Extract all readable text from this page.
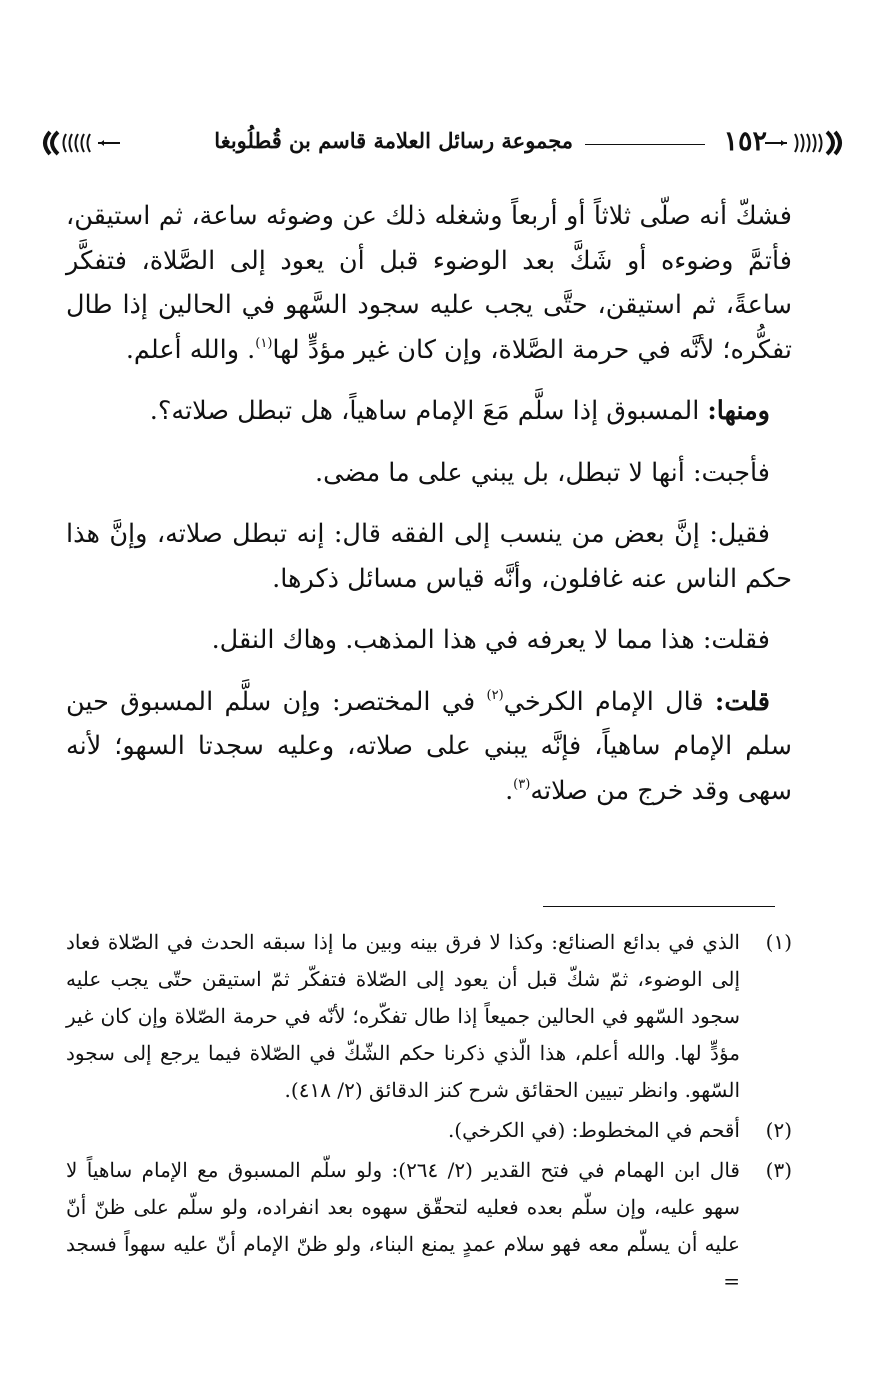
١٥٢
مجموعة رسائل العلامة قاسم بن قُطلُوبغا

فشكّ أنه صلّى ثلاثاً أو أربعاً وشغله ذلك عن وضوئه ساعة، ثم استيقن، فأتمَّ وضوءه أو شَكَّ بعد الوضوء قبل أن يعود إلى الصَّلاة، فتفكَّر ساعةً، ثم استيقن، حتَّى يجب عليه سجود السَّهو في الحالين إذا طال تفكُّره؛ لأنَّه في حرمة الصَّلاة، وإن كان غير مؤدٍّ لها$^{(١)}$. والله أعلم.

ومنها: المسبوق إذا سلَّم مَعَ الإمام ساهياً، هل تبطل صلاته؟.

فأجبت: أنها لا تبطل، بل يبني على ما مضى.

فقيل: إنَّ بعض من ينسب إلى الفقه قال: إنه تبطل صلاته، وإنَّ هذا حكم الناس عنه غافلون، وأنَّه قياس مسائل ذكرها.

فقلت: هذا مما لا يعرفه في هذا المذهب. وهاك النقل.

قلت: قال الإمام الكرخي$^{(٢)}$ في المختصر: وإن سلَّم المسبوق حين سلم الإمام ساهياً، فإنَّه يبني على صلاته، وعليه سجدتا السهو؛ لأنه سهى وقد خرج من صلاته$^{(٣)}$.

(١)
الذي في بدائع الصنائع: وكذا لا فرق بينه وبين ما إذا سبقه الحدث في الصّلاة فعاد إلى الوضوء، ثمّ شكّ قبل أن يعود إلى الصّلاة فتفكّر ثمّ استيقن حتّى يجب عليه سجود السّهو في الحالين جميعاً إذا طال تفكّره؛ لأنّه في حرمة الصّلاة وإن كان غير مؤدٍّ لها. والله أعلم، هذا الّذي ذكرنا حكم الشّكّ في الصّلاة فيما يرجع إلى سجود السّهو. وانظر تبيين الحقائق شرح كنز الدقائق (٢/ ٤١٨).
(٢)
أقحم في المخطوط: (في الكرخي).
(٣)
قال ابن الهمام في فتح القدير (٢/ ٢٦٤): ولو سلّم المسبوق مع الإمام ساهياً لا سهو عليه، وإن سلّم بعده فعليه لتحقّق سهوه بعد انفراده، ولو سلّم على ظنّ أنّ عليه أن يسلّم معه فهو سلام عمدٍ يمنع البناء، ولو ظنّ الإمام أنّ عليه سهواً فسجد =
